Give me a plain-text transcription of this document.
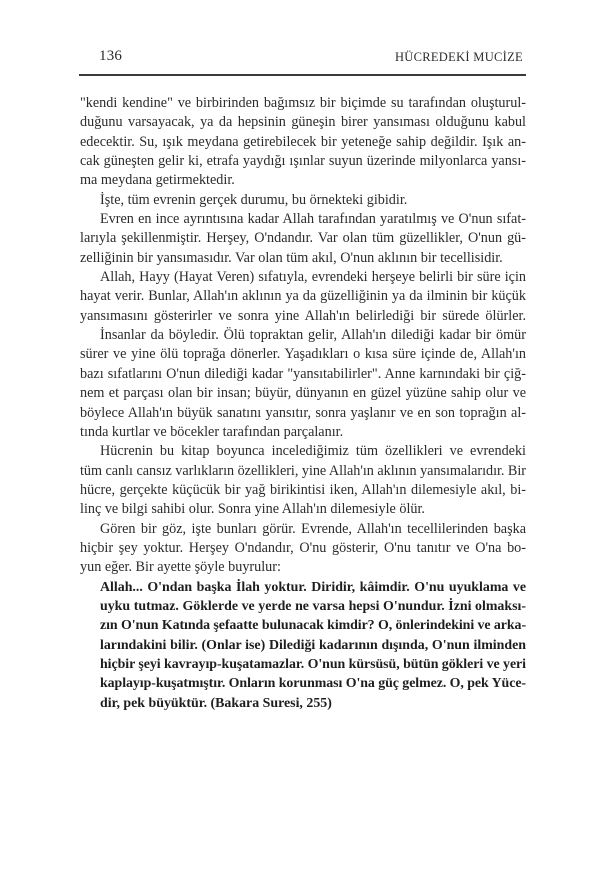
136	HÜCREDEKİ MUCİZE
"kendi kendine" ve birbirinden bağımsız bir biçimde su tarafından oluşturul-
duğunu varsayacak, ya da hepsinin güneşin birer yansıması olduğunu kabul
edecektir. Su, ışık meydana getirebilecek bir yeteneğe sahip değildir. Işık an-
cak güneşten gelir ki, etrafa yaydığı ışınlar suyun üzerinde milyonlarca yansı-
ma meydana getirmektedir.
İşte, tüm evrenin gerçek durumu, bu örnekteki gibidir.
Evren en ince ayrıntısına kadar Allah tarafından yaratılmış ve O'nun sıfat-
larıyla şekillenmiştir. Herşey, O'ndandır. Var olan tüm güzellikler, O'nun gü-
zelliğinin bir yansımasıdır. Var olan tüm akıl, O'nun aklının bir tecellisidir.
Allah, Hayy (Hayat Veren) sıfatıyla, evrendeki herşeye belirli bir süre için
hayat verir. Bunlar, Allah'ın aklının ya da güzelliğinin ya da ilminin bir küçük
yansımasını gösterirler ve sonra yine Allah'ın belirlediği bir sürede ölürler.
İnsanlar da böyledir. Ölü topraktan gelir, Allah'ın dilediği kadar bir ömür
sürer ve yine ölü toprağa dönerler. Yaşadıkları o kısa süre içinde de, Allah'ın
bazı sıfatlarını O'nun dilediği kadar "yansıtabilirler". Anne karnındaki bir çiğ-
nem et parçası olan bir insan; büyür, dünyanın en güzel yüzüne sahip olur ve
böylece Allah'ın büyük sanatını yansıtır, sonra yaşlanır ve en son toprağın al-
tında kurtlar ve böcekler tarafından parçalanır.
Hücrenin bu kitap boyunca incelediğimiz tüm özellikleri ve evrendeki
tüm canlı cansız varlıkların özellikleri, yine Allah'ın aklının yansımalarıdır. Bir
hücre, gerçekte küçücük bir yağ birikintisi iken, Allah'ın dilemesiyle akıl, bi-
linç ve bilgi sahibi olur. Sonra yine Allah'ın dilemesiyle ölür.
Gören bir göz, işte bunları görür. Evrende, Allah'ın tecellilerinden başka
hiçbir şey yoktur. Herşey O'ndandır, O'nu gösterir, O'nu tanıtır ve O'na bo-
yun eğer. Bir ayette şöyle buyrulur:
Allah... O'ndan başka İlah yoktur. Diridir, kâimdir. O'nu uyuklama ve
uyku tutmaz. Göklerde ve yerde ne varsa hepsi O'nundur. İzni olmaksı-
zın O'nun Katında şefaatte bulunacak kimdir? O, önlerindekini ve arka-
larındakini bilir. (Onlar ise) Dilediği kadarının dışında, O'nun ilminden
hiçbir şeyi kavrayıp-kuşatamazlar. O'nun kürsüsü, bütün gökleri ve yeri
kaplayıp-kuşatmıştır. Onların korunması O'na güç gelmez. O, pek Yüce-
dir, pek büyüktür. (Bakara Suresi, 255)
